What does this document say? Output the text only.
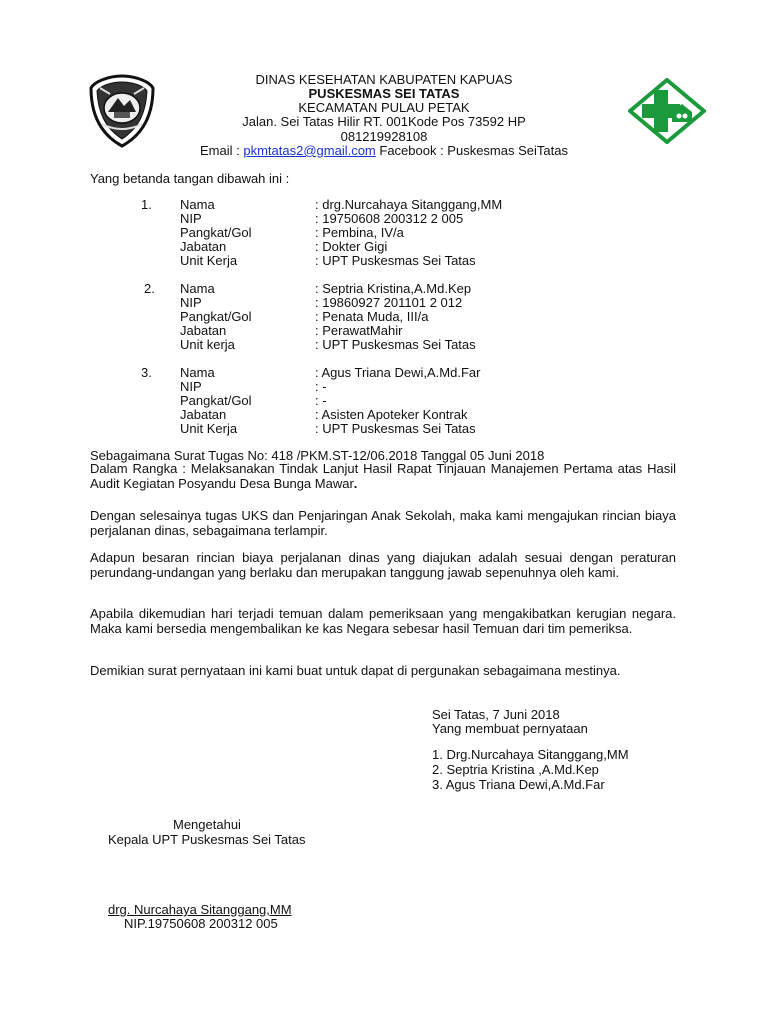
DINAS KESEHATAN KABUPATEN KAPUAS
PUSKESMAS SEI TATAS
KECAMATAN PULAU PETAK
Jalan. Sei Tatas Hilir RT. 001Kode Pos 73592 HP
081219928108
Email : pkmtatas2@gmail.com Facebook : Puskesmas SeiTatas
Yang betanda tangan dibawah ini :
1. Nama	: drg.Nurcahaya Sitanggang,MM
NIP	: 19750608 200312 2 005
Pangkat/Gol	: Pembina, IV/a
Jabatan	: Dokter Gigi
Unit Kerja	: UPT Puskesmas Sei Tatas
2. Nama	: Septria Kristina,A.Md.Kep
NIP	: 19860927 201101 2 012
Pangkat/Gol	: Penata Muda, III/a
Jabatan	: PerawatMahir
Unit kerja	: UPT Puskesmas Sei Tatas
3. Nama	: Agus Triana Dewi,A.Md.Far
NIP	: -
Pangkat/Gol	: -
Jabatan	: Asisten Apoteker Kontrak
Unit Kerja	: UPT Puskesmas Sei Tatas
Sebagaimana Surat Tugas No: 418 /PKM.ST-12/06.2018 Tanggal 05 Juni 2018
Dalam Rangka : Melaksanakan Tindak Lanjut Hasil Rapat Tinjauan Manajemen Pertama atas Hasil Audit Kegiatan Posyandu Desa Bunga Mawar.
Dengan selesainya tugas UKS dan Penjaringan Anak Sekolah, maka kami mengajukan rincian biaya perjalanan dinas, sebagaimana terlampir.
Adapun besaran rincian biaya perjalanan dinas yang diajukan adalah sesuai dengan peraturan perundang-undangan yang berlaku dan merupakan tanggung jawab sepenuhnya oleh kami.
Apabila dikemudian hari terjadi temuan dalam pemeriksaan yang mengakibatkan kerugian negara. Maka kami bersedia mengembalikan ke kas Negara sebesar hasil Temuan dari tim pemeriksa.
Demikian surat pernyataan ini kami buat untuk dapat di pergunakan sebagaimana mestinya.
Sei Tatas, 7 Juni 2018
Yang membuat pernyataan
1. Drg.Nurcahaya Sitanggang,MM
2. Septria Kristina ,A.Md.Kep
3. Agus Triana Dewi,A.Md.Far
Mengetahui
Kepala UPT Puskesmas Sei Tatas
drg. Nurcahaya Sitanggang,MM
NIP.19750608 200312 005
